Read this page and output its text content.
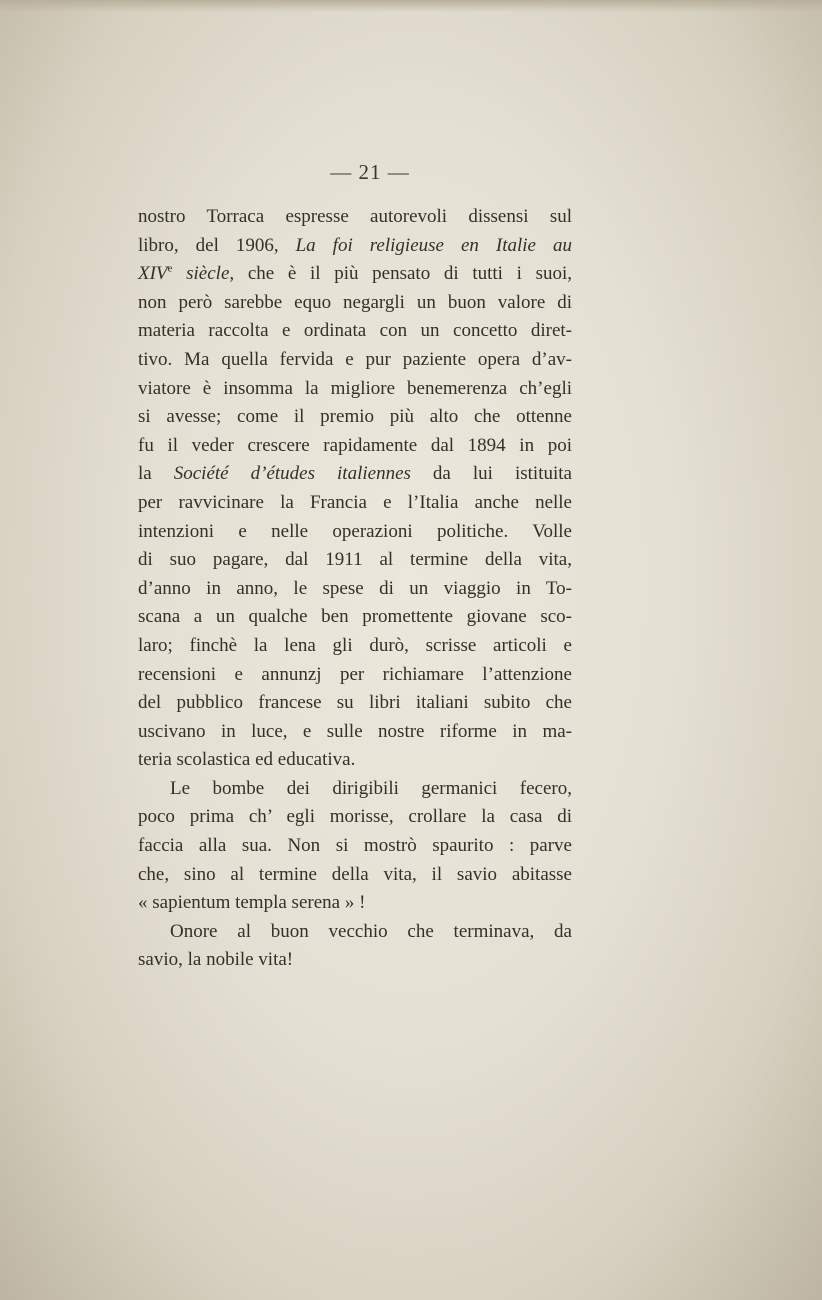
— 21 —
nostro Torraca espresse autorevoli dissensi sul
libro, del 1906, La foi religieuse en Italie au
XIVe siècle, che è il più pensato di tutti i suoi,
non però sarebbe equo negargli un buon valore di
materia raccolta e ordinata con un concetto diret-
tivo. Ma quella fervida e pur paziente opera d’av-
viatore è insomma la migliore benemerenza ch’egli
si avesse; come il premio più alto che ottenne
fu il veder crescere rapidamente dal 1894 in poi
la Société d’études italiennes da lui istituita
per ravvicinare la Francia e l’Italia anche nelle
intenzioni e nelle operazioni politiche. Volle
di suo pagare, dal 1911 al termine della vita,
d’anno in anno, le spese di un viaggio in To-
scana a un qualche ben promettente giovane sco-
laro; finchè la lena gli durò, scrisse articoli e
recensioni e annunzj per richiamare l’attenzione
del pubblico francese su libri italiani subito che
uscivano in luce, e sulle nostre riforme in ma-
teria scolastica ed educativa.
Le bombe dei dirigibili germanici fecero,
poco prima ch’ egli morisse, crollare la casa di
faccia alla sua. Non si mostrò spaurito : parve
che, sino al termine della vita, il savio abitasse
« sapientum templa serena » !
Onore al buon vecchio che terminava, da
savio, la nobile vita!
